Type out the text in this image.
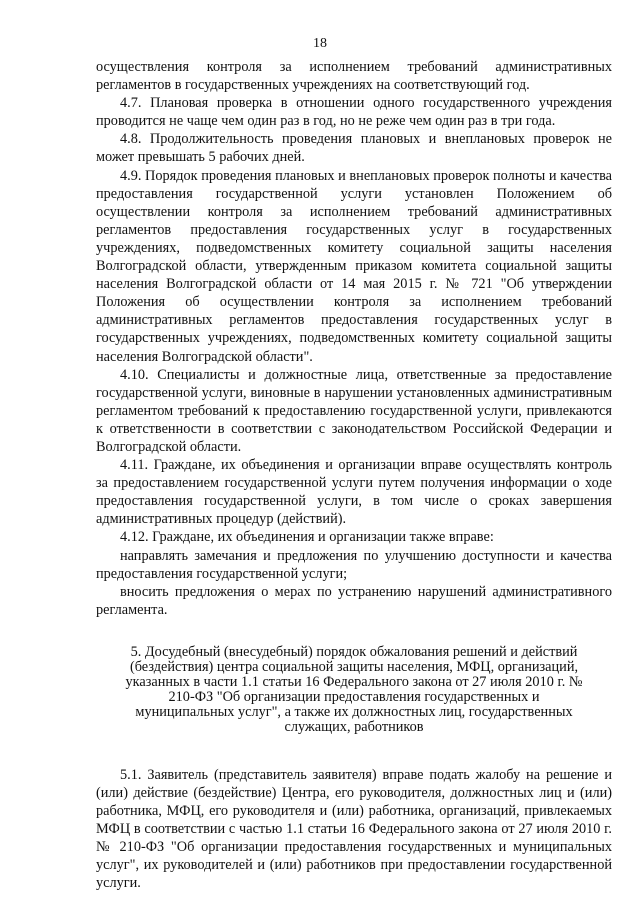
18

осуществления контроля за исполнением требований административных регламентов в государственных учреждениях на соответствующий год.

4.7. Плановая проверка в отношении одного государственного учреждения проводится не чаще чем один раз в год, но не реже чем один раз в три года.

4.8. Продолжительность проведения плановых и внеплановых проверок не может превышать 5 рабочих дней.

4.9. Порядок проведения плановых и внеплановых проверок полноты и качества предоставления государственной услуги установлен Положением об осуществлении контроля за исполнением требований административных регламентов предоставления государственных услуг в государственных учреждениях, подведомственных комитету социальной защиты населения Волгоградской области, утвержденным приказом комитета социальной защиты населения Волгоградской области от 14 мая 2015 г. № 721 "Об утверждении Положения об осуществлении контроля за исполнением требований административных регламентов предоставления государственных услуг в государственных учреждениях, подведомственных комитету социальной защиты населения Волгоградской области".

4.10. Специалисты и должностные лица, ответственные за предоставление государственной услуги, виновные в нарушении установленных административным регламентом требований к предоставлению государственной услуги, привлекаются к ответственности в соответствии с законодательством Российской Федерации и Волгоградской области.

4.11. Граждане, их объединения и организации вправе осуществлять контроль за предоставлением государственной услуги путем получения информации о ходе предоставления государственной услуги, в том числе о сроках завершения административных процедур (действий).

4.12. Граждане, их объединения и организации также вправе:

направлять замечания и предложения по улучшению доступности и качества предоставления государственной услуги;

вносить предложения о мерах по устранению нарушений административного регламента.

5. Досудебный (внесудебный) порядок обжалования решений и действий (бездействия) центра социальной защиты населения, МФЦ, организаций, указанных в части 1.1 статьи 16 Федерального закона от 27 июля 2010 г. № 210-ФЗ "Об организации предоставления государственных и муниципальных услуг", а также их должностных лиц, государственных служащих, работников

5.1. Заявитель (представитель заявителя) вправе подать жалобу на решение и (или) действие (бездействие) Центра, его руководителя, должностных лиц и (или) работника, МФЦ, его руководителя и (или) работника, организаций, привлекаемых МФЦ в соответствии с частью 1.1 статьи 16 Федерального закона от 27 июля 2010 г. № 210-ФЗ "Об организации предоставления государственных и муниципальных услуг", их руководителей и (или) работников при предоставлении государственной услуги.
